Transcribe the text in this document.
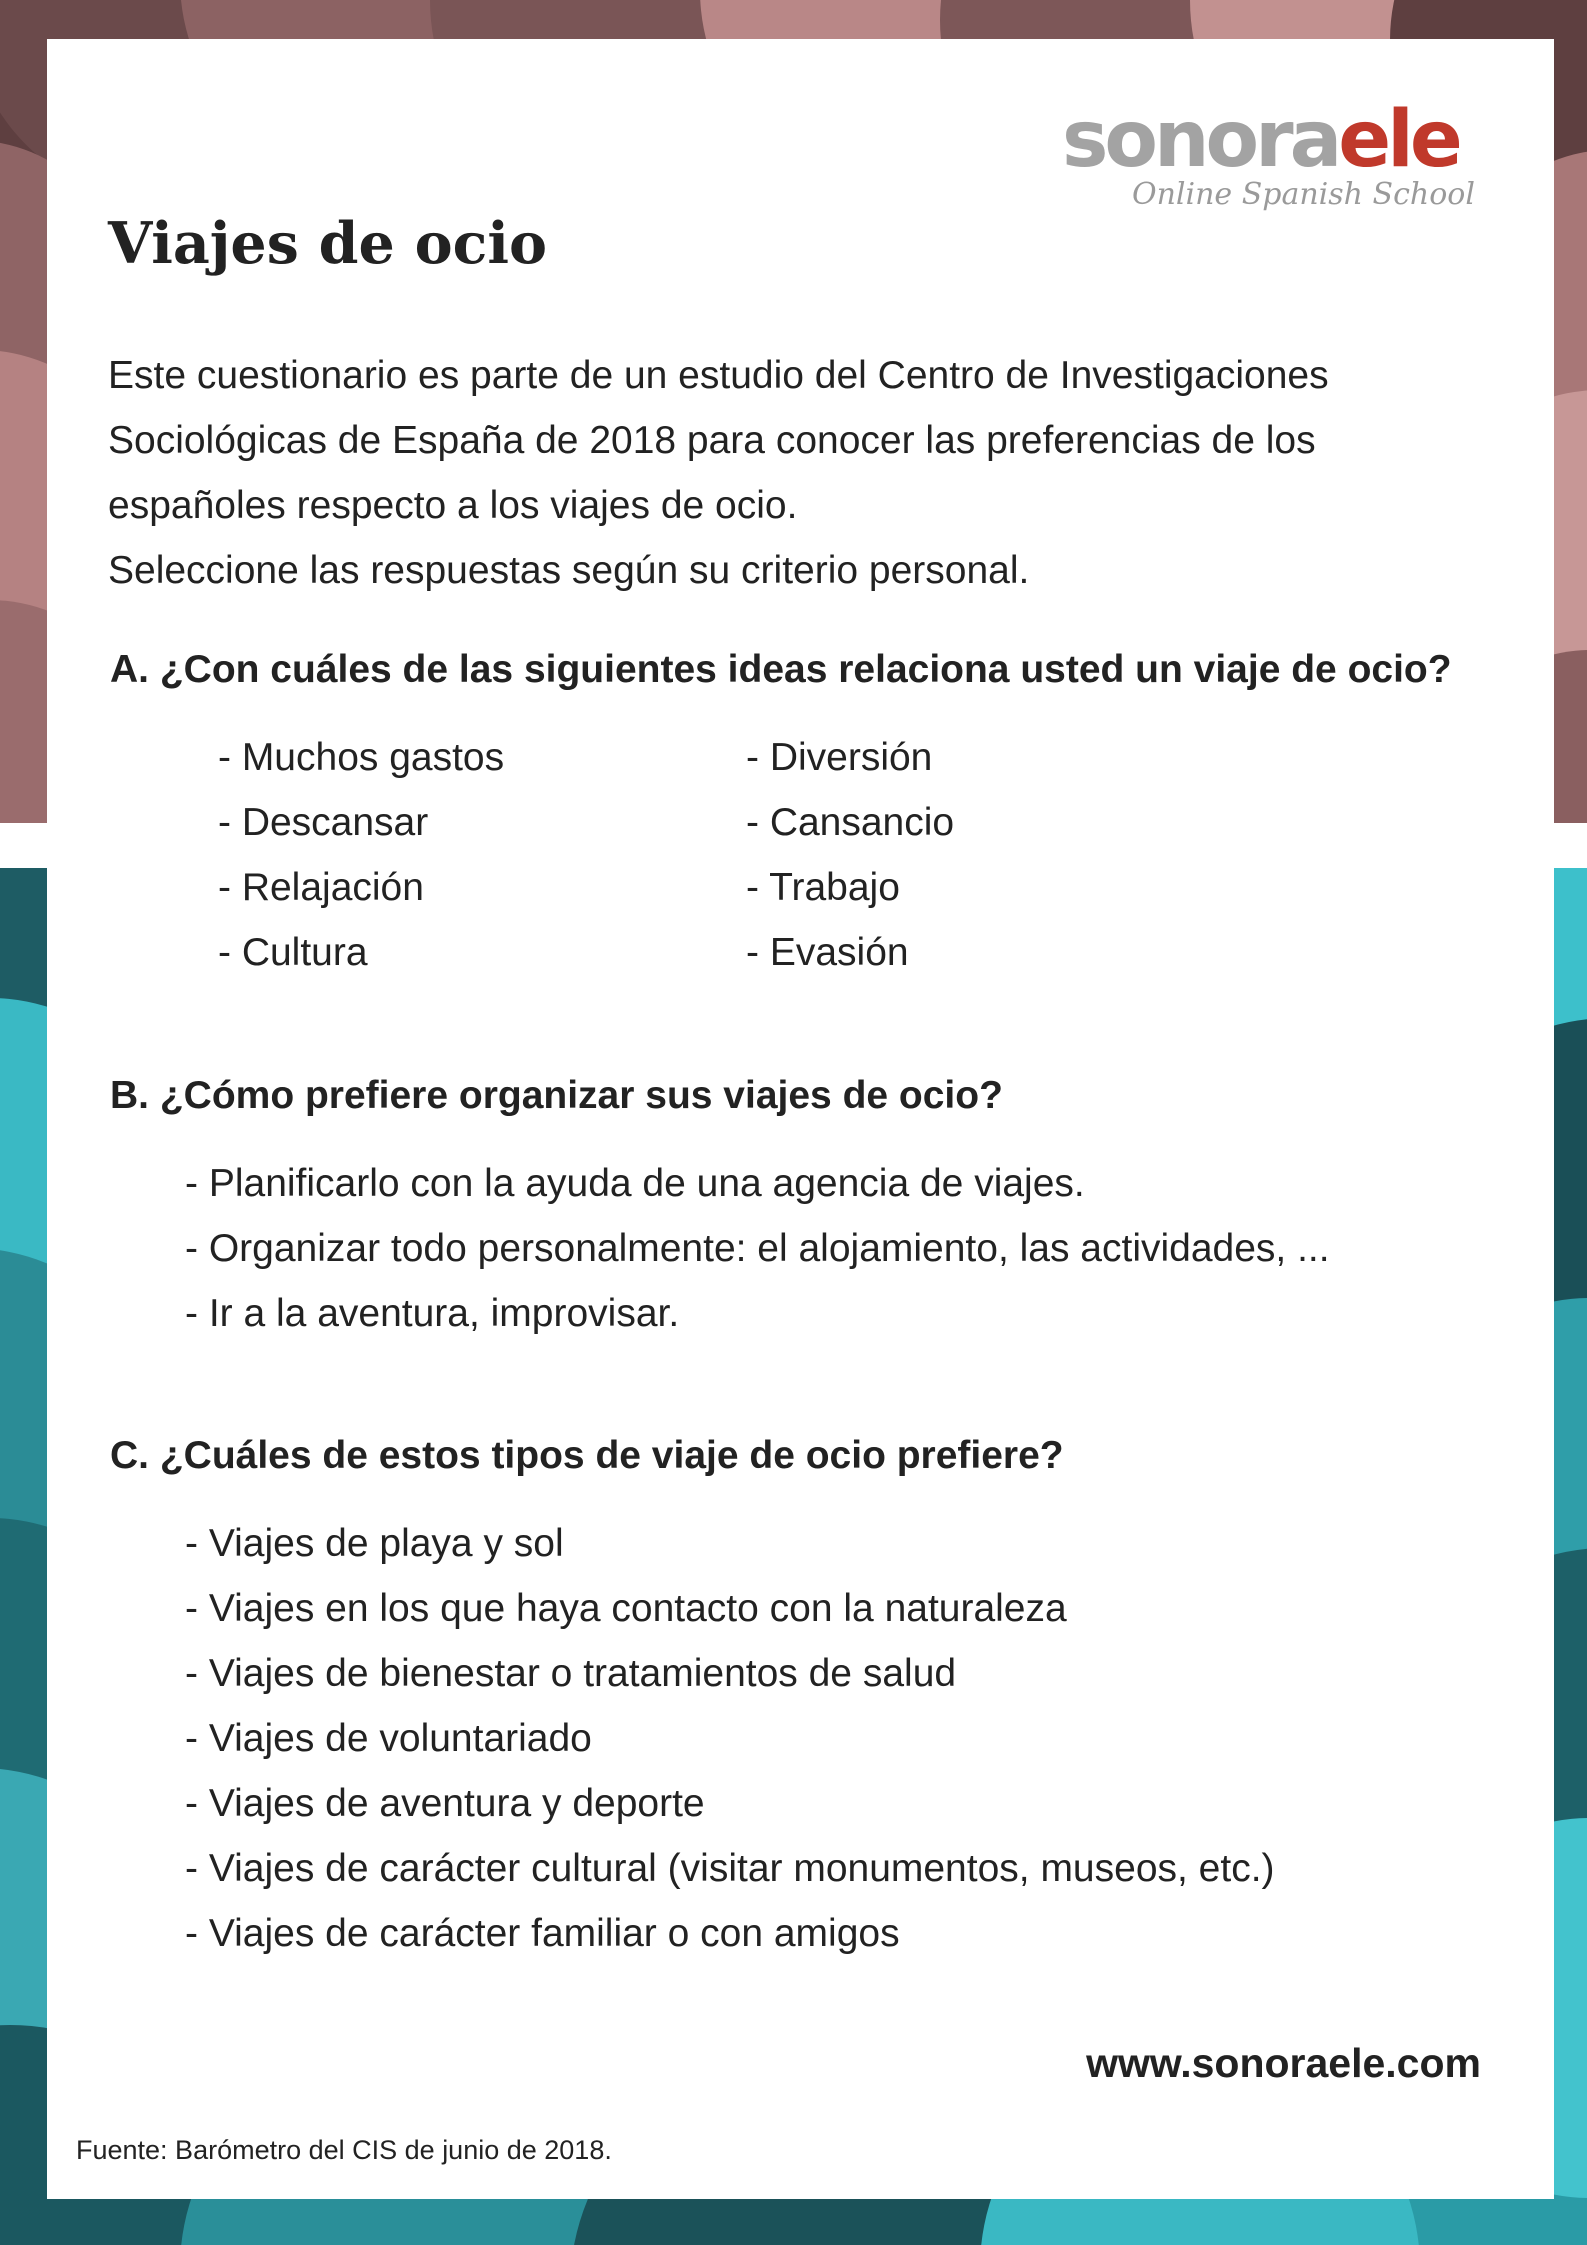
sonoraele
Online Spanish School
Viajes de ocio
Este cuestionario es parte de un estudio del Centro de Investigaciones
Sociológicas de España de 2018 para conocer las preferencias de los
españoles respecto a los viajes de ocio.
Seleccione las respuestas según su criterio personal.
A. ¿Con cuáles de las siguientes ideas relaciona usted un viaje de ocio?
- Muchos gastos
- Descansar
- Relajación
- Cultura
- Diversión
- Cansancio
- Trabajo
- Evasión
B. ¿Cómo prefiere organizar sus viajes de ocio?
- Planificarlo con la ayuda de una agencia de viajes.
- Organizar todo personalmente: el alojamiento, las actividades, ...
- Ir a la aventura, improvisar.
C. ¿Cuáles de estos tipos de viaje de ocio prefiere?
- Viajes de playa y sol
- Viajes en los que haya contacto con la naturaleza
- Viajes de bienestar o tratamientos de salud
- Viajes de voluntariado
- Viajes de aventura y deporte
- Viajes de carácter cultural (visitar monumentos, museos, etc.)
- Viajes de carácter familiar o con amigos
www.sonoraele.com
Fuente: Barómetro del CIS de junio de 2018.
